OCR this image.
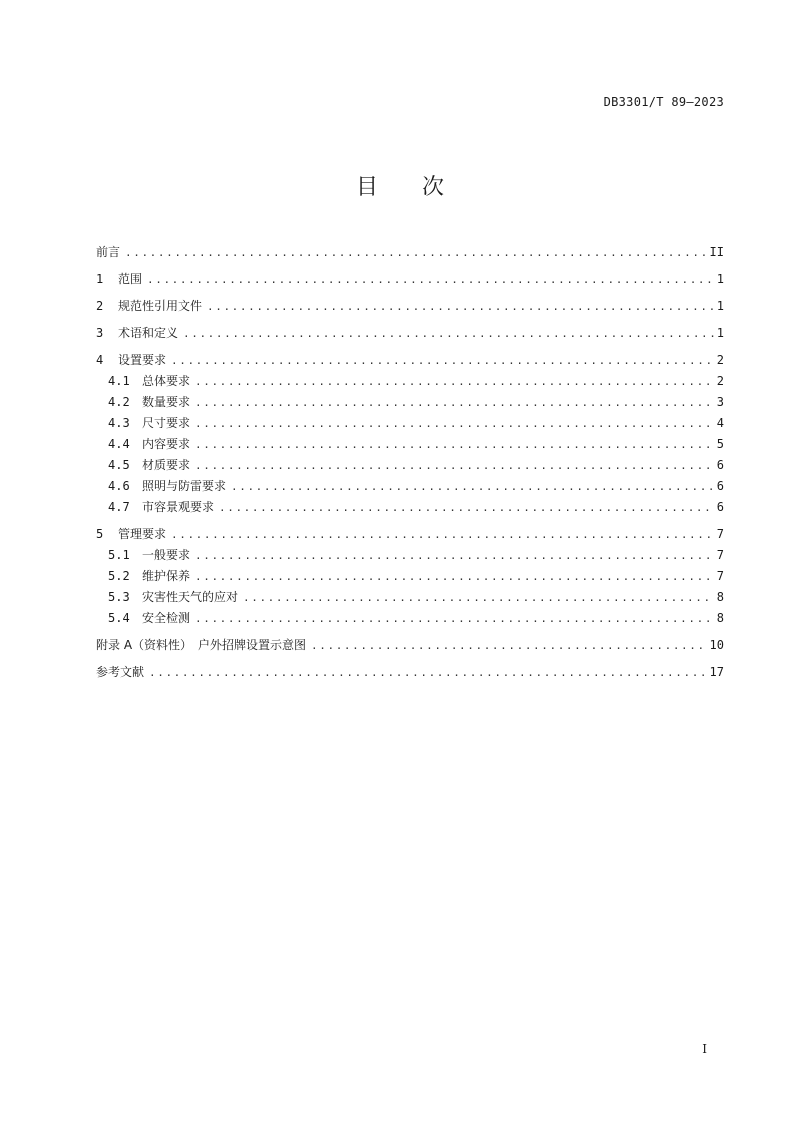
DB3301/T 89—2023
目次
前言 .....	II
1	范围 .....	1
2	规范性引用文件 .....	1
3	术语和定义 .....	1
4	设置要求 .....	2
4.1	总体要求 .....	2
4.2	数量要求 .....	3
4.3	尺寸要求 .....	4
4.4	内容要求 .....	5
4.5	材质要求 .....	6
4.6	照明与防雷要求 .....	6
4.7	市容景观要求 .....	6
5	管理要求 .....	7
5.1	一般要求 .....	7
5.2	维护保养 .....	7
5.3	灾害性天气的应对 .....	8
5.4	安全检测 .....	8
附录 A（资料性）　户外招牌设置示意图 .....	10
参考文献 .....	17
I
